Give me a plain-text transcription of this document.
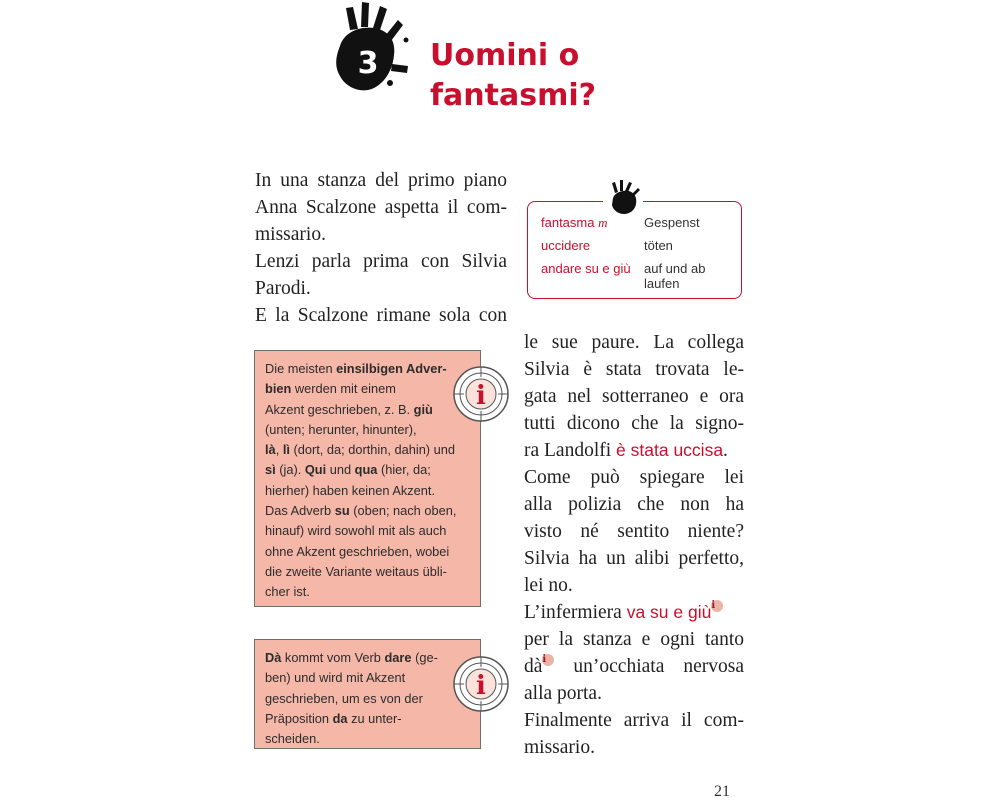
3 Uomini o
fantasmi?
In una stanza del primo piano
Anna Scalzone aspetta il com-
missario.
Lenzi parla prima con Silvia
Parodi.
E la Scalzone rimane sola con
fantasma m	Gespenst
uccidere	töten
andare su e giù auf und ab laufen
le sue paure. La collega
Silvia è stata trovata le-
gata nel sotterraneo e ora
tutti dicono che la signo-
ra Landolfi è stata uccisa.
Come può spiegare lei
alla polizia che non ha
visto né sentito niente?
Silvia ha un alibi perfetto,
lei no.
L’infermiera va su e giùi
per la stanza e ogni tanto
dài un’occhiata nervosa
alla porta.
Finalmente arriva il com-
missario.
Die meisten einsilbigen Adver-
bien werden mit einem
Akzent geschrieben, z. B. giù
(unten; herunter, hinunter),
là, lì (dort, da; dorthin, dahin) und
sì (ja). Qui und qua (hier, da;
hierher) haben keinen Akzent.
Das Adverb su (oben; nach oben,
hinauf) wird sowohl mit als auch
ohne Akzent geschrieben, wobei
die zweite Variante weitaus übli-
cher ist.
i
Dà kommt vom Verb dare (ge-
ben) und wird mit Akzent
geschrieben, um es von der
Präposition da zu unter-
scheiden.
i
21
